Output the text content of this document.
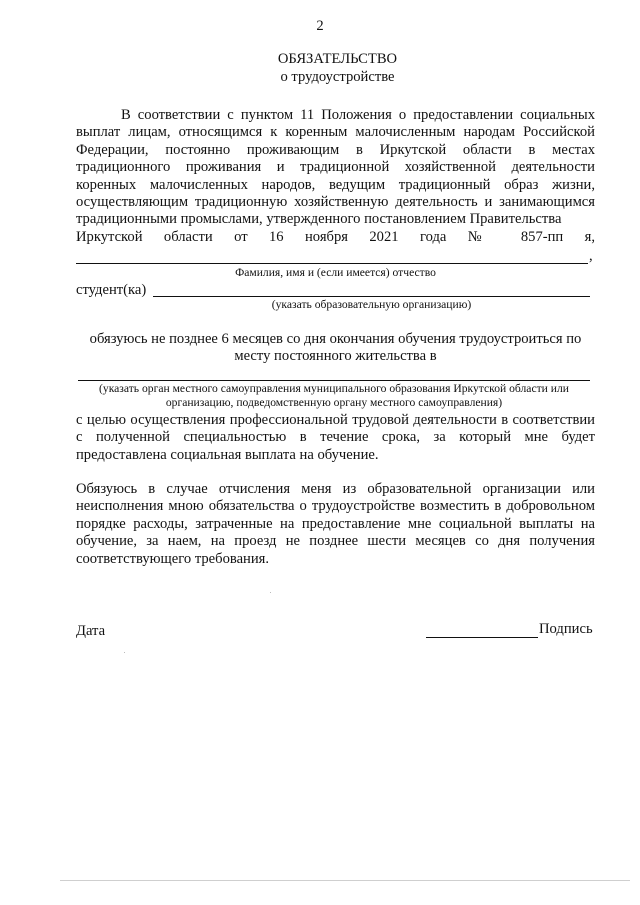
2
ОБЯЗАТЕЛЬСТВО
о трудоустройстве
В соответствии с пунктом 11 Положения о предоставлении социальных выплат лицам, относящимся к коренным малочисленным народам Российской Федерации, постоянно проживающим в Иркутской области в местах традиционного проживания и традиционной хозяйственной деятельности коренных малочисленных народов, ведущим традиционный образ жизни, осуществляющим традиционную хозяйственную деятельность и занимающимся традиционными промыслами, утвержденного постановлением Правительства
Иркутской области от 16 ноября 2021 года № 857-пп я,
,
Фамилия, имя и (если имеется) отчество
студент(ка)
(указать образовательную организацию)
обязуюсь не позднее 6 месяцев со дня окончания обучения трудоустроиться по месту постоянного жительства в
(указать орган местного самоуправления муниципального образования Иркутской области или организацию, подведомственную органу местного самоуправления)
с целью осуществления профессиональной трудовой деятельности в соответствии с полученной специальностью в течение срока, за который мне будет предоставлена социальная выплата на обучение.
Обязуюсь в случае отчисления меня из образовательной организации или неисполнения мною обязательства о трудоустройстве возместить в добровольном порядке расходы, затраченные на предоставление мне социальной выплаты на обучение, за наем, на проезд не позднее шести месяцев со дня получения соответствующего требования.
Дата	Подпись
